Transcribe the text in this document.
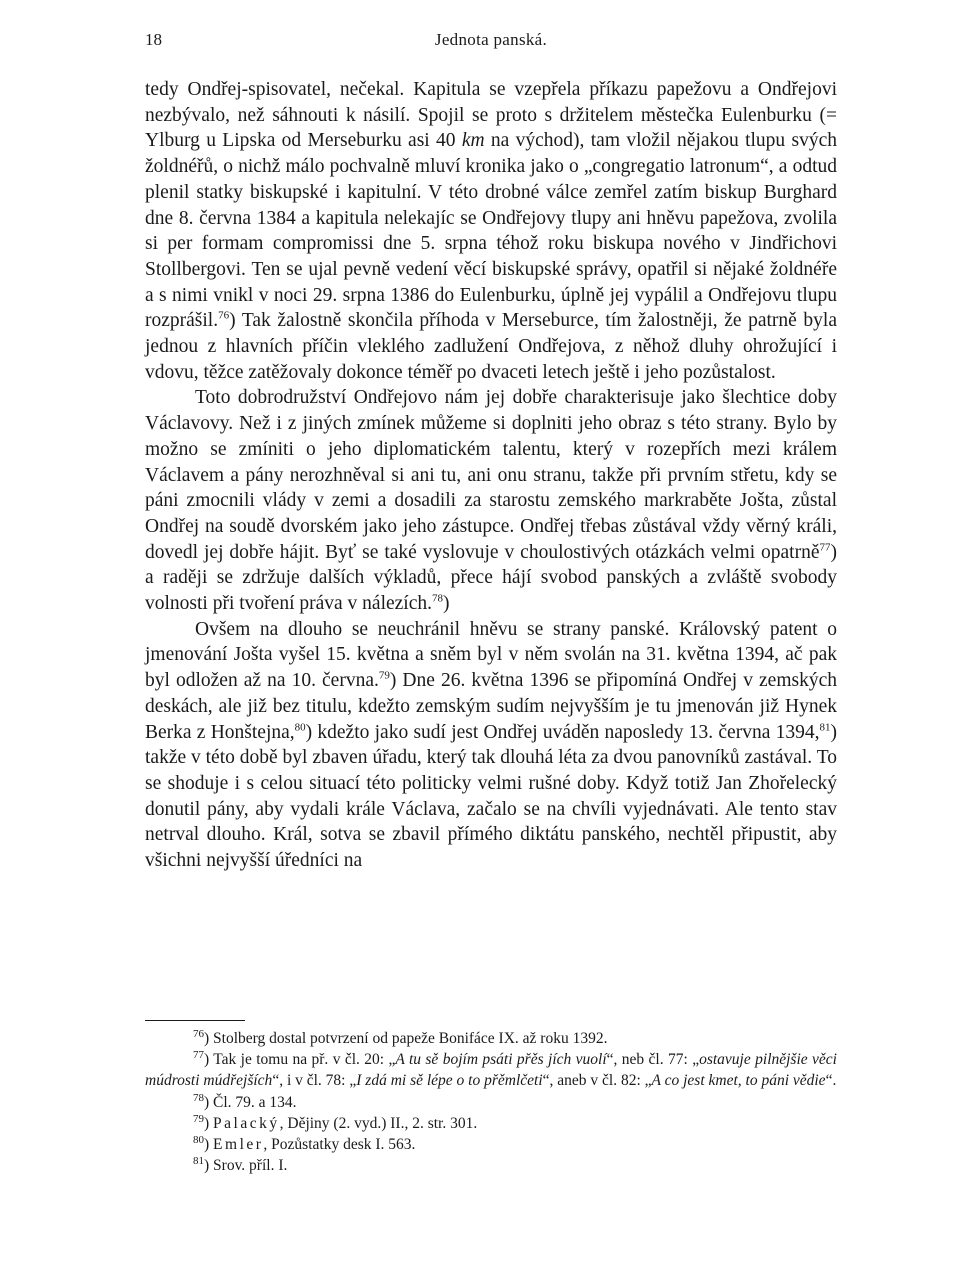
18	Jednota panská.

tedy Ondřej-spisovatel, nečekal. Kapitula se vzepřela příkazu papežovu a Ondřejovi nezbývalo, než sáhnouti k násilí. Spojil se proto s držitelem městečka Eulenburku (= Ylburg u Lipska od Merseburku asi 40 km na východ), tam vložil nějakou tlupu svých žoldnéřů, o nichž málo pochvalně mluví kronika jako o „congregatio latronum“, a odtud plenil statky biskupské i kapitulní. V této drobné válce zemřel zatím biskup Burghard dne 8. června 1384 a kapitula nelekajíc se Ondřejovy tlupy ani hněvu papežova, zvolila si per formam compromissi dne 5. srpna téhož roku biskupa nového v Jindřichovi Stollbergovi. Ten se ujal pevně vedení věcí biskupské správy, opatřil si nějaké žoldnéře a s nimi vnikl v noci 29. srpna 1386 do Eulenburku, úplně jej vypálil a Ondřejovu tlupu rozprášil.$^{76}$) Tak žalostně skončila příhoda v Merseburce, tím žalostněji, že patrně byla jednou z hlavních příčin vleklého zadlužení Ondřejova, z něhož dluhy ohrožující i vdovu, těžce zatěžovaly dokonce téměř po dvaceti letech ještě i jeho pozůstalost.

Toto dobrodružství Ondřejovo nám jej dobře charakterisuje jako šlechtice doby Václavovy. Než i z jiných zmínek můžeme si doplniti jeho obraz s této strany. Bylo by možno se zmíniti o jeho diplomatickém talentu, který v rozepřích mezi králem Václavem a pány nerozhněval si ani tu, ani onu stranu, takže při prvním střetu, kdy se páni zmocnili vlády v zemi a dosadili za starostu zemského markraběte Jošta, zůstal Ondřej na soudě dvorském jako jeho zástupce. Ondřej třebas zůstával vždy věrný králi, dovedl jej dobře hájit. Byť se také vyslovuje v choulostivých otázkách velmi opatrně$^{77}$) a raději se zdržuje dalších výkladů, přece hájí svobod panských a zvláště svobody volnosti při tvoření práva v nálezích.$^{78}$)

Ovšem na dlouho se neuchránil hněvu se strany panské. Královský patent o jmenování Jošta vyšel 15. května a sněm byl v něm svolán na 31. května 1394, ač pak byl odložen až na 10. června.$^{79}$) Dne 26. května 1396 se připomíná Ondřej v zemských deskách, ale již bez titulu, kdežto zemským sudím nejvyšším je tu jmenován již Hynek Berka z Honštejna,$^{80}$) kdežto jako sudí jest Ondřej uváděn naposledy 13. června 1394,81) takže v této době byl zbaven úřadu, který tak dlouhá léta za dvou panovníků zastával. To se shoduje i s celou situací této politicky velmi rušné doby. Když totiž Jan Zhořelecký donutil pány, aby vydali krále Václava, začalo se na chvíli vyjednávati. Ale tento stav netrval dlouho. Král, sotva se zbavil přímého diktátu panského, nechtěl připustit, aby všichni nejvyšší úředníci na

$^{76}$) Stolberg dostal potvrzení od papeže Bonifáce IX. až roku 1392.

$^{77}$) Tak je tomu na př. v čl. 20: „A tu sě bojím psáti přěs jích vuolí“, neb čl. 77: „ostavuje pilnějšie věci múdrosti múdřejších“, i v čl. 78: „I zdá mi sě lépe o to přěmlčeti“, aneb v čl. 82: „A co jest kmet, to páni vědie“.

$^{78}$) Čl. 79. a 134.

$^{79}$) Palacký, Dějiny (2. vyd.) II., 2. str. 301.

$^{80}$) Emler, Pozůstatky desk I. 563.

$^{81}$) Srov. příl. I.
